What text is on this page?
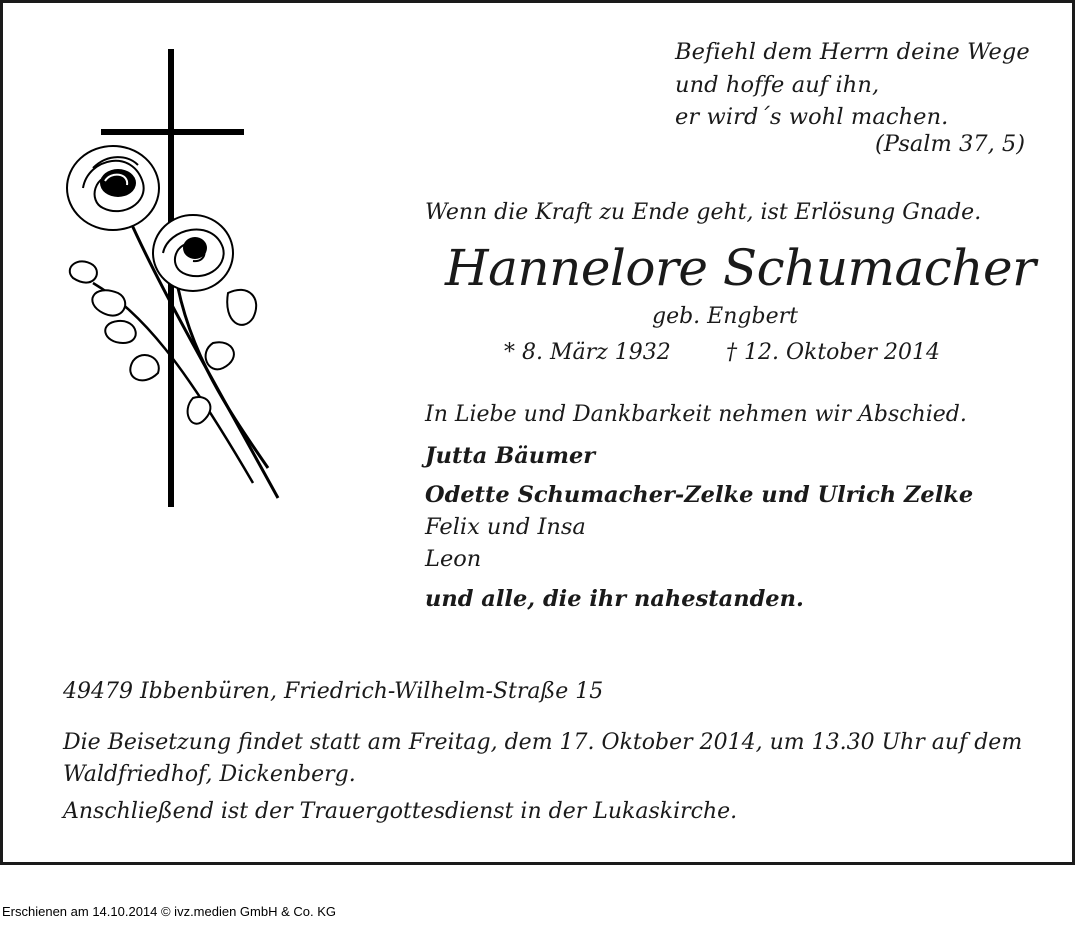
Befiehl dem Herrn deine Wege
und hoffe auf ihn,
er wird´s wohl machen.
(Psalm 37, 5)
Wenn die Kraft zu Ende geht, ist Erlösung Gnade.
Hannelore Schumacher
geb. Engbert
* 8. März 1932	† 12. Oktober 2014
In Liebe und Dankbarkeit nehmen wir Abschied.
Jutta Bäumer
Odette Schumacher-Zelke und Ulrich Zelke
Felix und Insa
Leon
und alle, die ihr nahestanden.
49479 Ibbenbüren, Friedrich-Wilhelm-Straße 15
Die Beisetzung findet statt am Freitag, dem 17. Oktober 2014, um 13.30 Uhr auf dem Waldfriedhof, Dickenberg.
Anschließend ist der Trauergottesdienst in der Lukaskirche.
Erschienen am 14.10.2014 © ivz.medien GmbH & Co. KG
